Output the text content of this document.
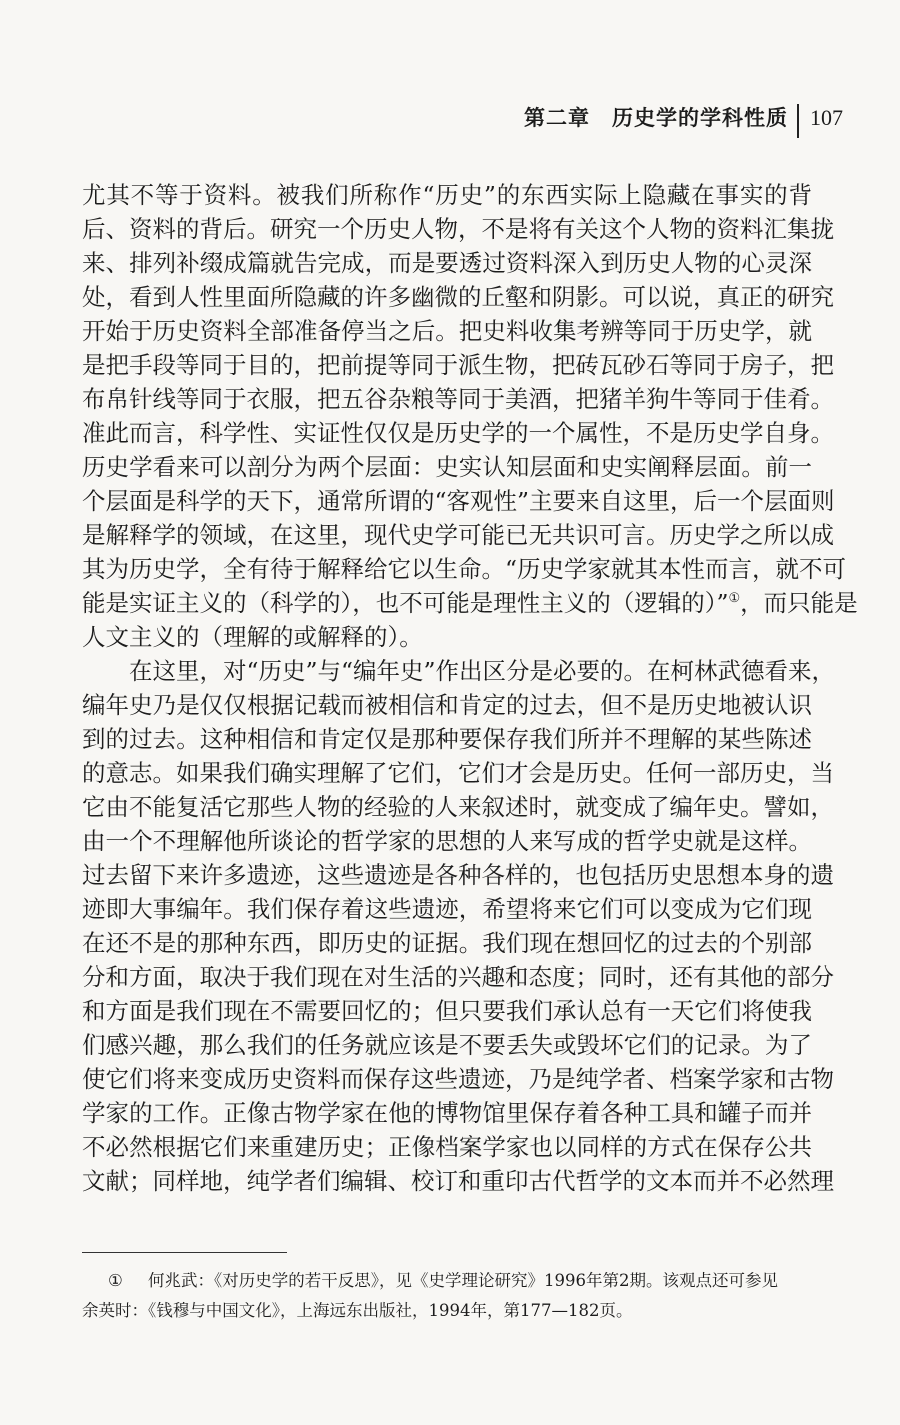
第二章　历史学的学科性质 107
尤其不等于资料。被我们所称作“历史”的东西实际上隐藏在事实的背
后、资料的背后。研究一个历史人物，不是将有关这个人物的资料汇集拢
来、排列补缀成篇就告完成，而是要透过资料深入到历史人物的心灵深
处，看到人性里面所隐藏的许多幽微的丘壑和阴影。可以说，真正的研究
开始于历史资料全部准备停当之后。把史料收集考辨等同于历史学，就
是把手段等同于目的，把前提等同于派生物，把砖瓦砂石等同于房子，把
布帛针线等同于衣服，把五谷杂粮等同于美酒，把猪羊狗牛等同于佳肴。
准此而言，科学性、实证性仅仅是历史学的一个属性，不是历史学自身。
历史学看来可以剖分为两个层面：史实认知层面和史实阐释层面。前一
个层面是科学的天下，通常所谓的“客观性”主要来自这里，后一个层面则
是解释学的领域，在这里，现代史学可能已无共识可言。历史学之所以成
其为历史学，全有待于解释给它以生命。“历史学家就其本性而言，就不可
能是实证主义的（科学的），也不可能是理性主义的（逻辑的）”①，而只能是
人文主义的（理解的或解释的）。
　　在这里，对“历史”与“编年史”作出区分是必要的。在柯林武德看来，
编年史乃是仅仅根据记载而被相信和肯定的过去，但不是历史地被认识
到的过去。这种相信和肯定仅是那种要保存我们所并不理解的某些陈述
的意志。如果我们确实理解了它们，它们才会是历史。任何一部历史，当
它由不能复活它那些人物的经验的人来叙述时，就变成了编年史。譬如，
由一个不理解他所谈论的哲学家的思想的人来写成的哲学史就是这样。
过去留下来许多遗迹，这些遗迹是各种各样的，也包括历史思想本身的遗
迹即大事编年。我们保存着这些遗迹，希望将来它们可以变成为它们现
在还不是的那种东西，即历史的证据。我们现在想回忆的过去的个别部
分和方面，取决于我们现在对生活的兴趣和态度；同时，还有其他的部分
和方面是我们现在不需要回忆的；但只要我们承认总有一天它们将使我
们感兴趣，那么我们的任务就应该是不要丢失或毁坏它们的记录。为了
使它们将来变成历史资料而保存这些遗迹，乃是纯学者、档案学家和古物
学家的工作。正像古物学家在他的博物馆里保存着各种工具和罐子而并
不必然根据它们来重建历史；正像档案学家也以同样的方式在保存公共
文献；同样地，纯学者们编辑、校订和重印古代哲学的文本而并不必然理
① 何兆武：《对历史学的若干反思》，见《史学理论研究》1996年第2期。该观点还可参见
余英时：《钱穆与中国文化》，上海远东出版社，1994年，第177—182页。
